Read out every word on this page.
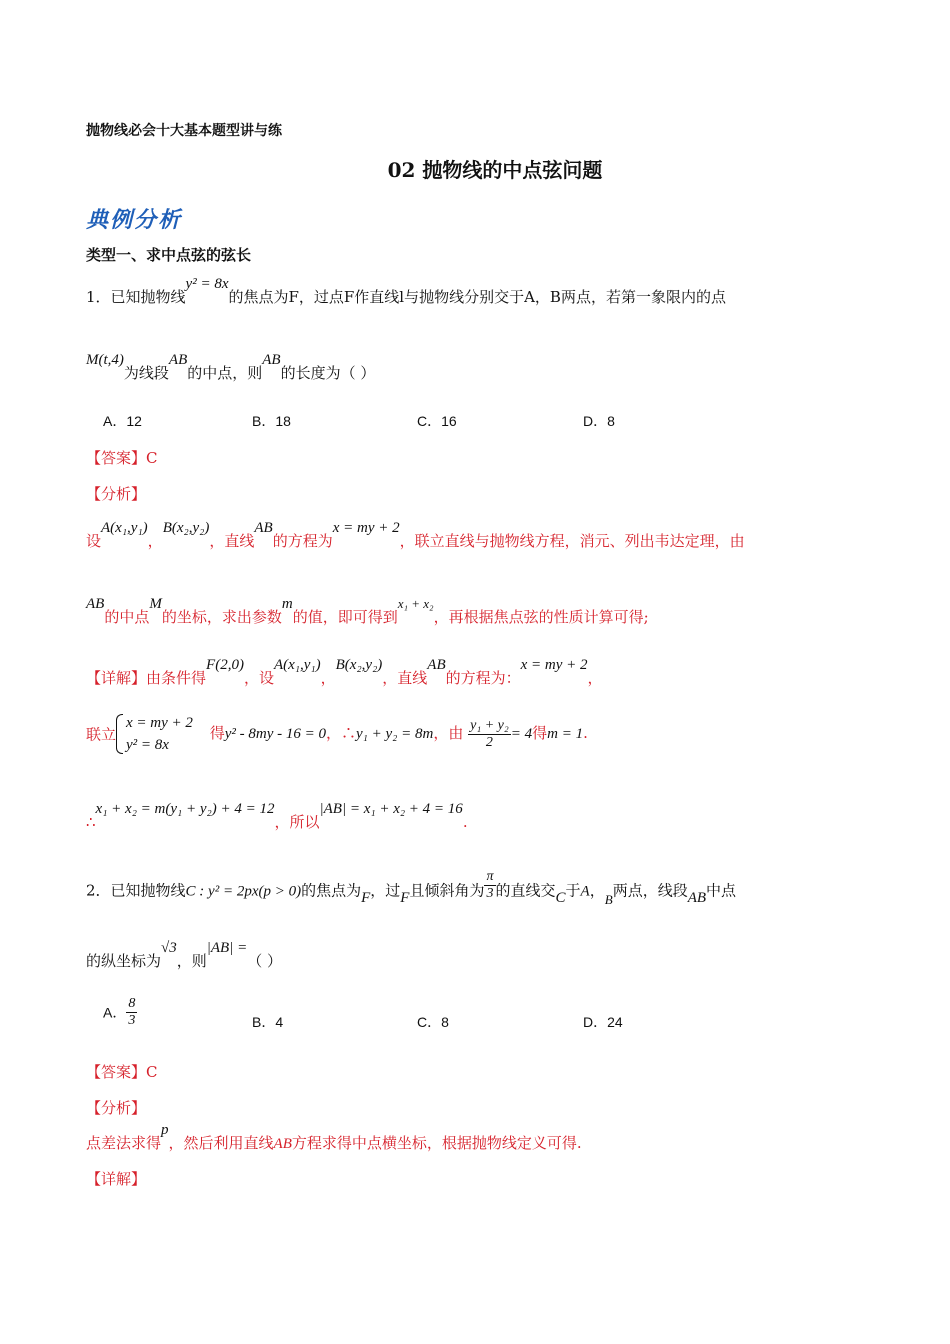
抛物线必会十大基本题型讲与练
02 抛物线的中点弦问题
典例分析
类型一、求中点弦的弦长
1．已知抛物线y² = 8x的焦点为F，过点F作直线l与抛物线分别交于A，B两点，若第一象限内的点
M(t,4)为线段AB的中点，则AB的长度为（ ）
A．12	B．18	C．16	D．8
【答案】C
【分析】
设A(x₁,y₁)，B(x₂,y₂)，直线AB的方程为x = my + 2，联立直线与抛物线方程，消元、列出韦达定理，由
AB的中点M的坐标，求出参数m的值，即可得到x₁ + x₂，再根据焦点弦的性质计算可得;
【详解】由条件得F(2,0)，设A(x₁,y₁)，B(x₂,y₂)，直线AB的方程为：x = my + 2，
联立
x = my + 2
y² = 8x
得y² - 8my - 16 = 0，∴y₁ + y₂ = 8m，由 $\frac{\text{y₁ + y₂}}{2} = 4$得m = 1.
∴x₁ + x₂ = m(y₁ + y₂) + 4 = 12，所以|AB| = x₁ + x₂ + 4 = 16.
2．已知抛物线C : y² = 2px(p > 0)的焦点为F，过F且倾斜角为 $\frac{\pi}{3}$ 的直线交C于A，B两点，线段AB中点
的纵坐标为√3，则|AB| =（ ）
A． $\frac{8}{3}$	B．4	C．8	D．24
【答案】C
【分析】
点差法求得p，然后利用直线AB方程求得中点横坐标，根据抛物线定义可得.
【详解】
